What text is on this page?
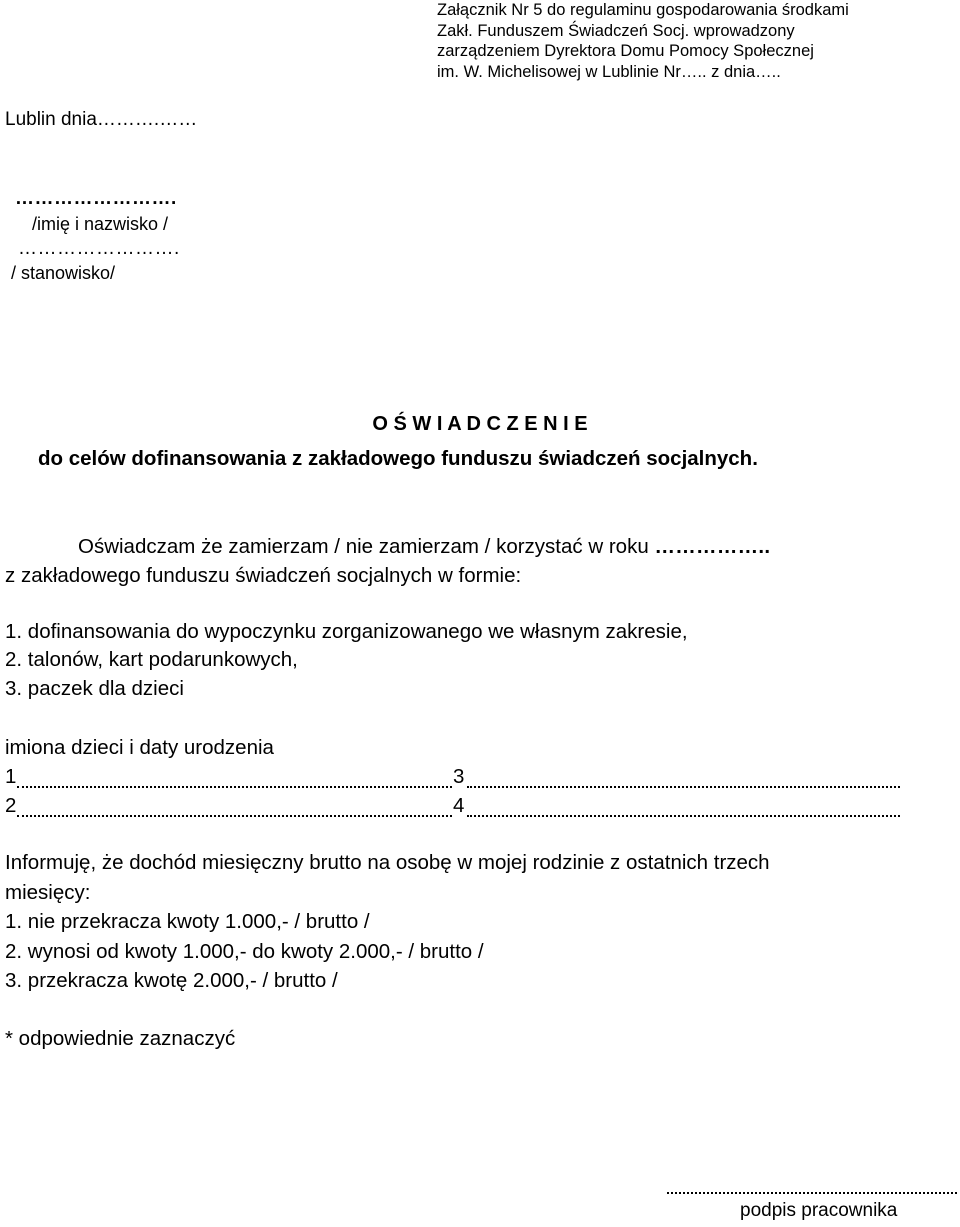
Załącznik Nr 5 do regulaminu gospodarowania środkami
Zakł. Funduszem Świadczeń Socj. wprowadzony
zarządzeniem Dyrektora Domu Pomocy Społecznej
im. W. Michelisowej w Lublinie Nr….. z dnia…..
Lublin dnia……….……
…………………….
/imię i nazwisko /
…………………….
/ stanowisko/
O Ś W I A D C Z E N I E
do celów dofinansowania z zakładowego funduszu świadczeń socjalnych.
Oświadczam że zamierzam / nie zamierzam / korzystać w roku ……………..
z zakładowego funduszu świadczeń socjalnych w formie:
1. dofinansowania do wypoczynku zorganizowanego we własnym zakresie,
2. talonów, kart podarunkowych,
3. paczek dla dzieci
imiona dzieci i daty urodzenia
1	3
2	4
Informuję, że dochód miesięczny brutto na osobę w mojej rodzinie z ostatnich trzech
miesięcy:
1. nie przekracza kwoty 1.000,- / brutto /
2. wynosi od kwoty 1.000,- do kwoty 2.000,- / brutto /
3. przekracza kwotę 2.000,- / brutto /
* odpowiednie zaznaczyć
podpis pracownika
